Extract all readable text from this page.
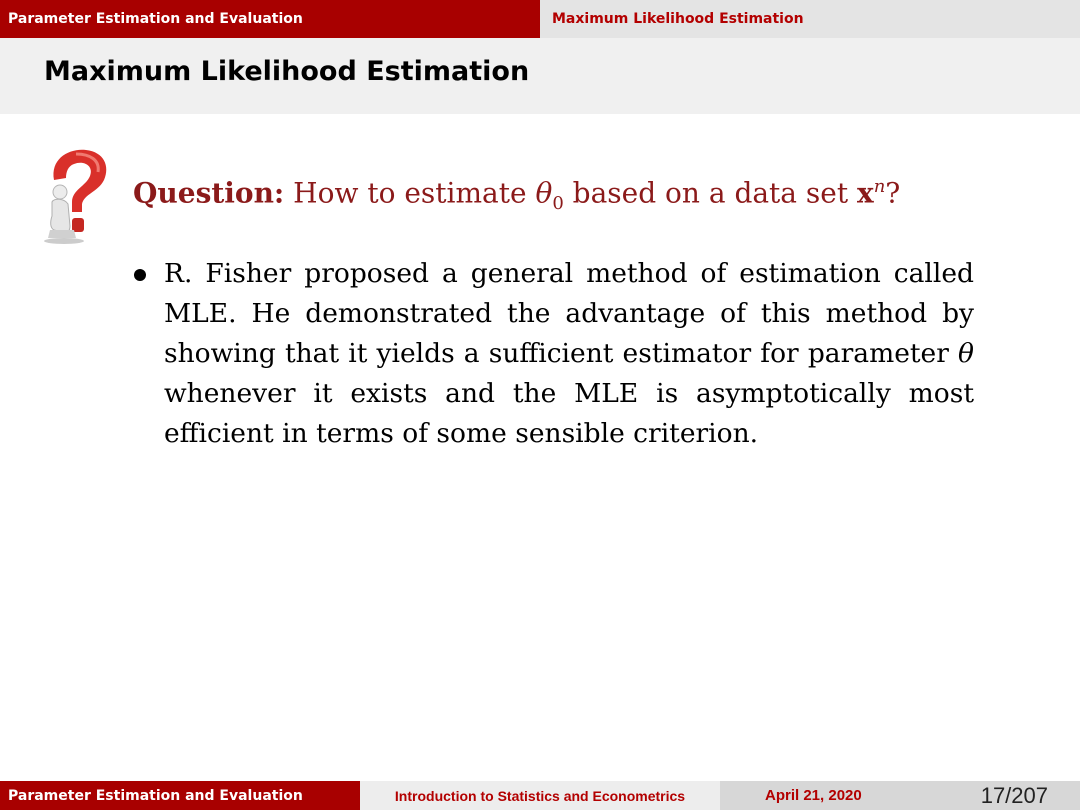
Parameter Estimation and Evaluation	Maximum Likelihood Estimation
Maximum Likelihood Estimation
Question: How to estimate $\theta_0$ based on a data set $x^n$?
R. Fisher proposed a general method of estimation called MLE. He demonstrated the advantage of this method by showing that it yields a sufficient estimator for parameter θ whenever it exists and the MLE is asymptotically most efficient in terms of some sensible criterion.
Parameter Estimation and Evaluation	Introduction to Statistics and Econometrics	April 21, 2020	17/207
